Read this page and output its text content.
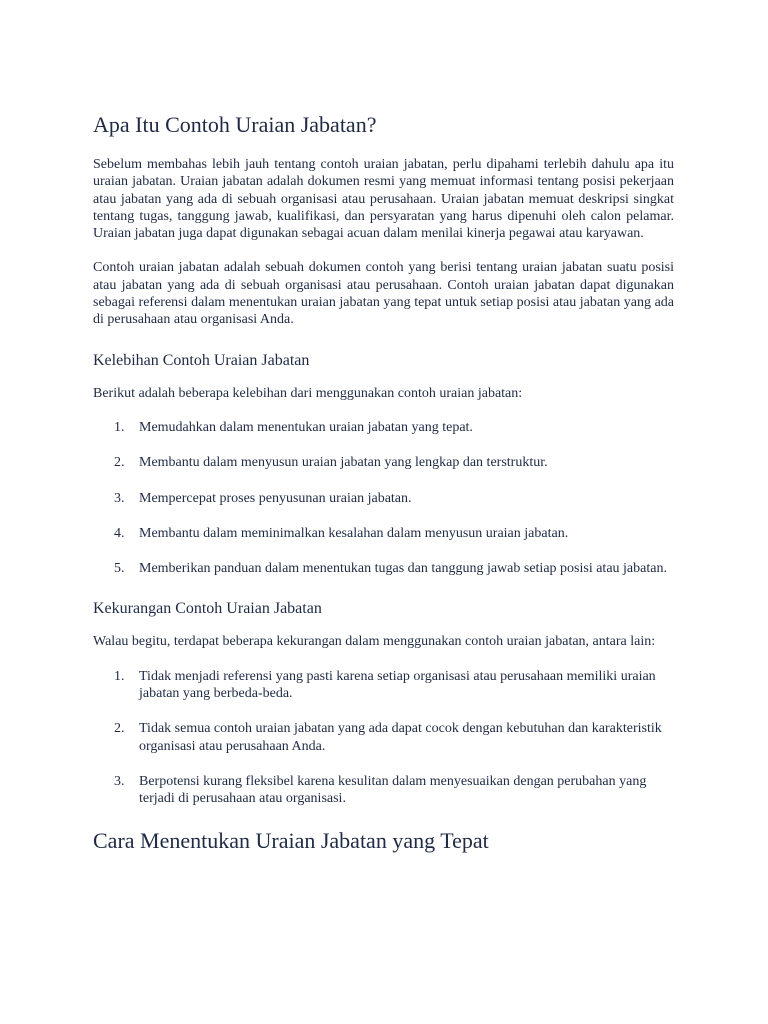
Apa Itu Contoh Uraian Jabatan?

Sebelum membahas lebih jauh tentang contoh uraian jabatan, perlu dipahami terlebih dahulu apa itu uraian jabatan. Uraian jabatan adalah dokumen resmi yang memuat informasi tentang posisi pekerjaan atau jabatan yang ada di sebuah organisasi atau perusahaan. Uraian jabatan memuat deskripsi singkat tentang tugas, tanggung jawab, kualifikasi, dan persyaratan yang harus dipenuhi oleh calon pelamar. Uraian jabatan juga dapat digunakan sebagai acuan dalam menilai kinerja pegawai atau karyawan.

Contoh uraian jabatan adalah sebuah dokumen contoh yang berisi tentang uraian jabatan suatu posisi atau jabatan yang ada di sebuah organisasi atau perusahaan. Contoh uraian jabatan dapat digunakan sebagai referensi dalam menentukan uraian jabatan yang tepat untuk setiap posisi atau jabatan yang ada di perusahaan atau organisasi Anda.

Kelebihan Contoh Uraian Jabatan

Berikut adalah beberapa kelebihan dari menggunakan contoh uraian jabatan:

1. Memudahkan dalam menentukan uraian jabatan yang tepat.
2. Membantu dalam menyusun uraian jabatan yang lengkap dan terstruktur.
3. Mempercepat proses penyusunan uraian jabatan.
4. Membantu dalam meminimalkan kesalahan dalam menyusun uraian jabatan.
5. Memberikan panduan dalam menentukan tugas dan tanggung jawab setiap posisi atau jabatan.
Kekurangan Contoh Uraian Jabatan

Walau begitu, terdapat beberapa kekurangan dalam menggunakan contoh uraian jabatan, antara lain:

1. Tidak menjadi referensi yang pasti karena setiap organisasi atau perusahaan memiliki uraian jabatan yang berbeda-beda.
2. Tidak semua contoh uraian jabatan yang ada dapat cocok dengan kebutuhan dan karakteristik organisasi atau perusahaan Anda.
3. Berpotensi kurang fleksibel karena kesulitan dalam menyesuaikan dengan perubahan yang terjadi di perusahaan atau organisasi.
Cara Menentukan Uraian Jabatan yang Tepat
